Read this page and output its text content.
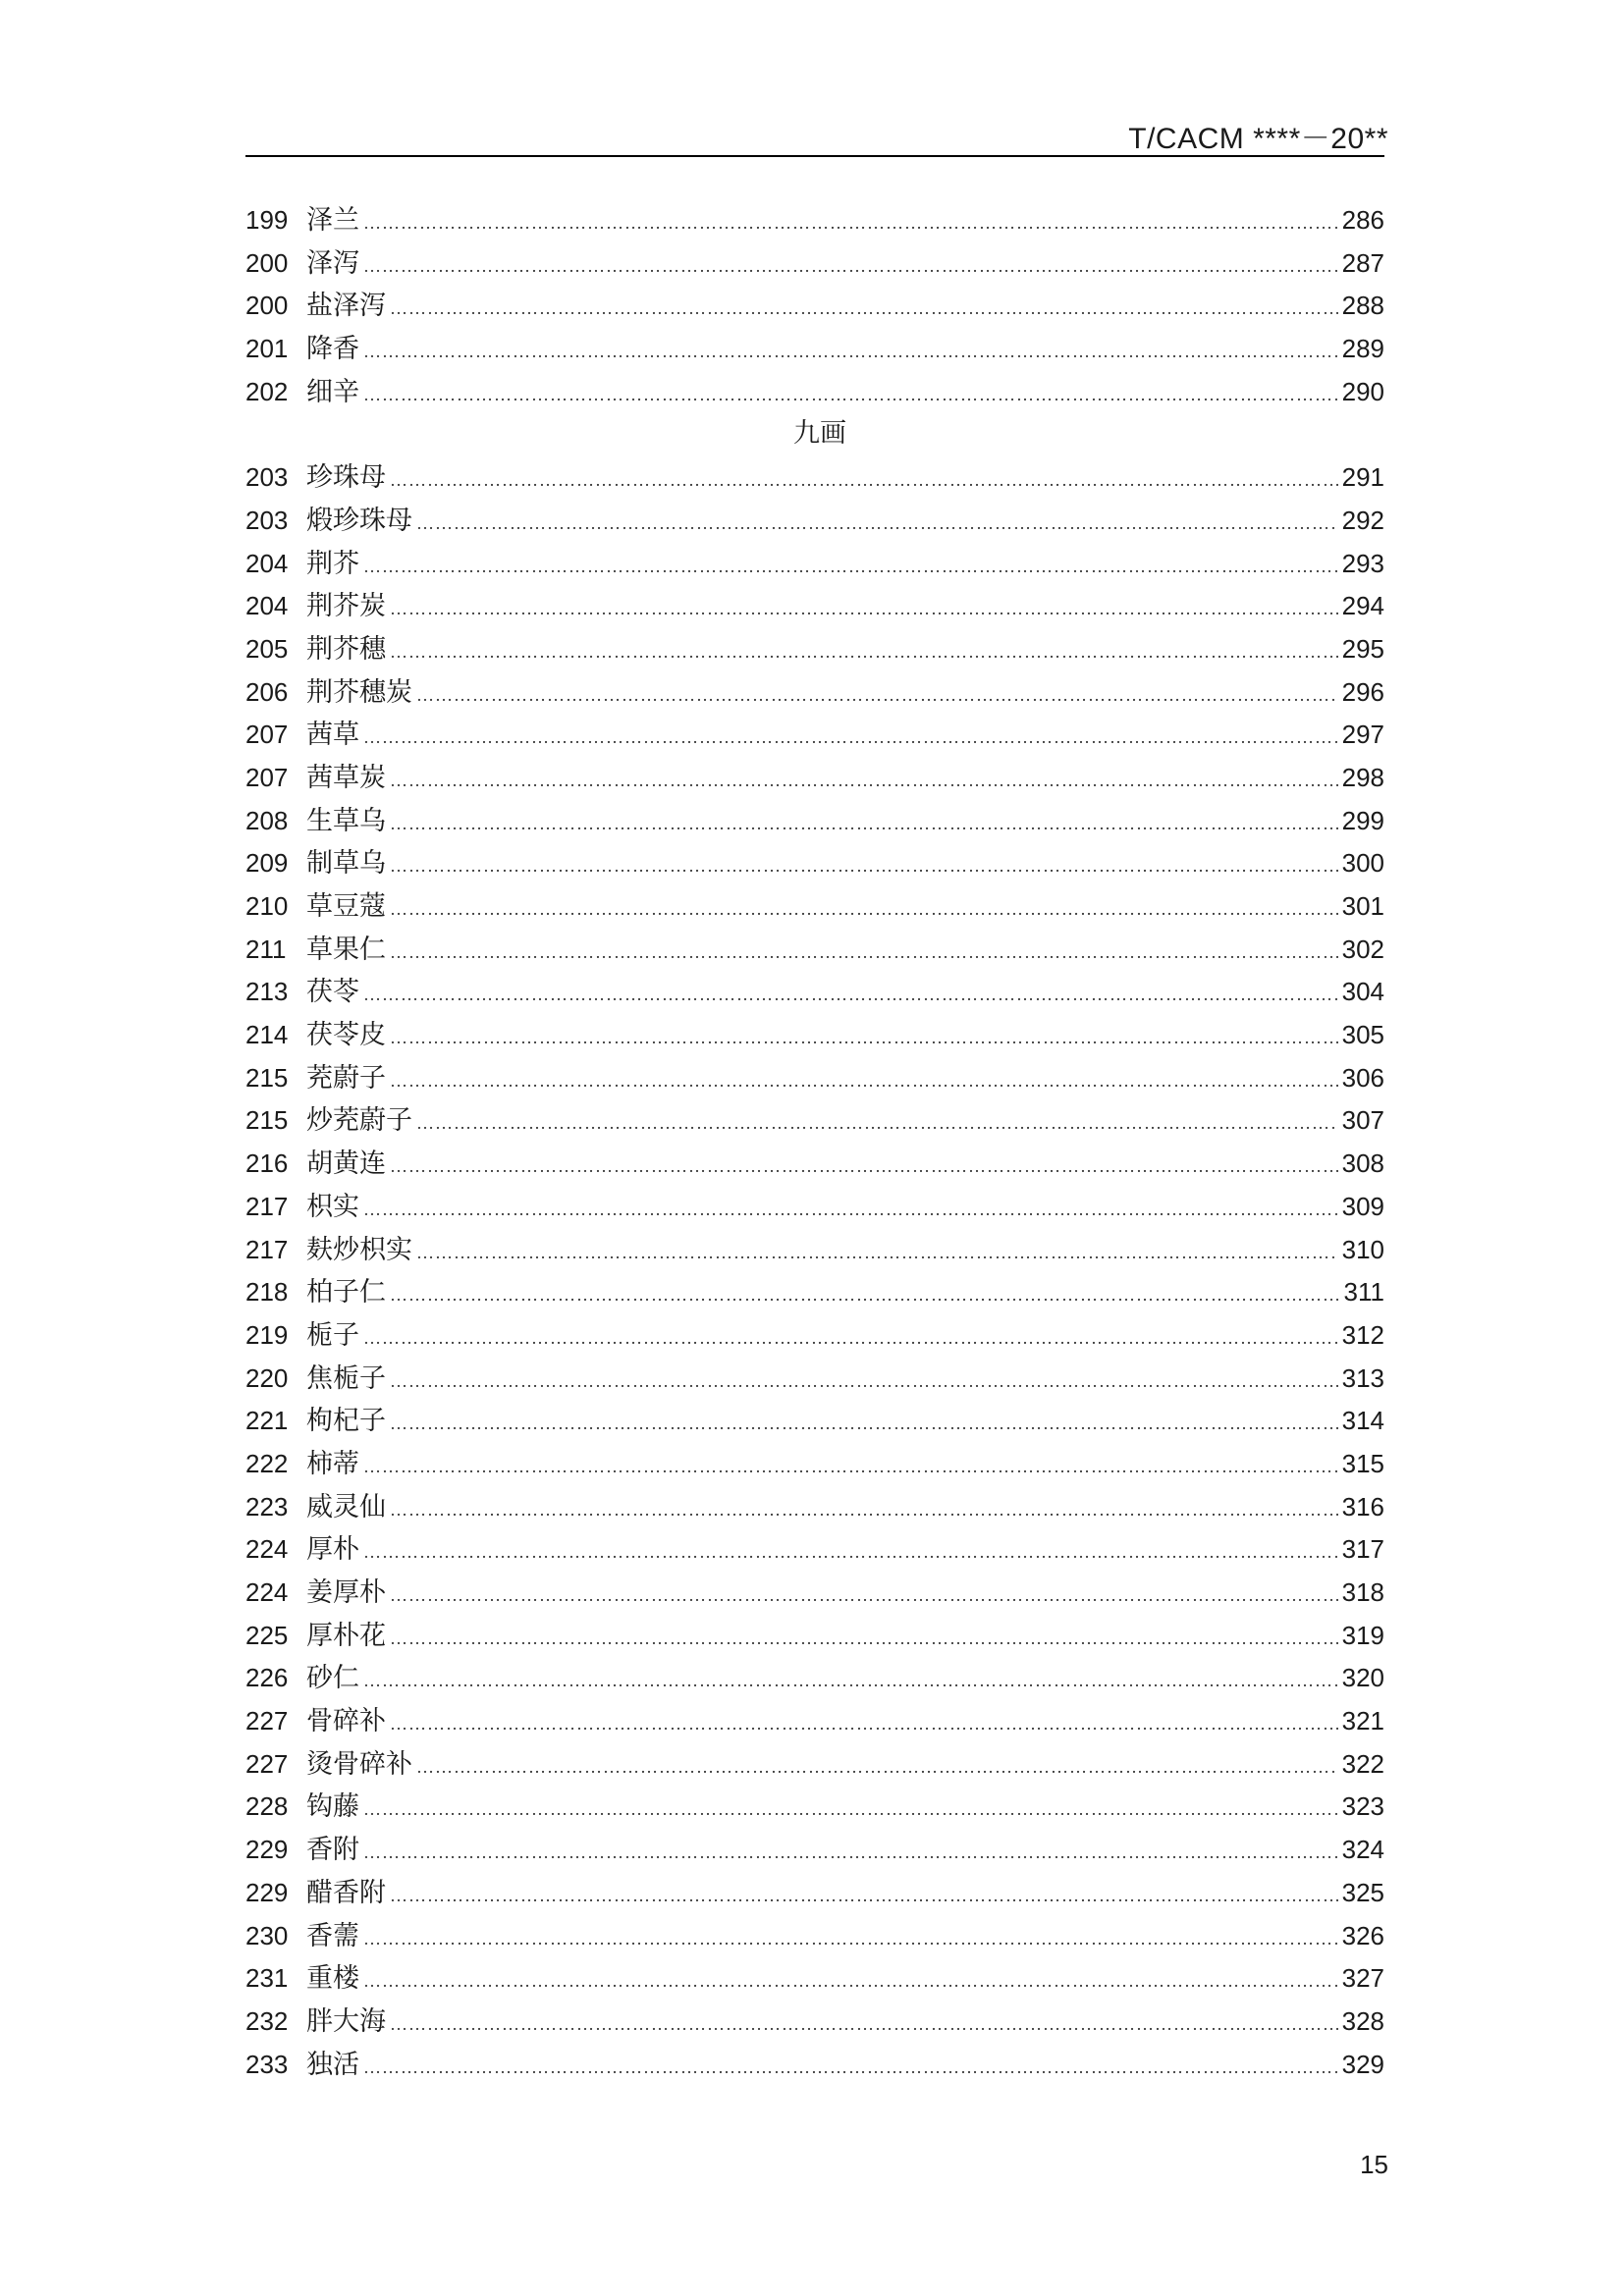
T/CACM ****－20**
199 泽兰 ……………………………………………………………………………………………………………………………………………………………………………………………………………………………………………………………………………	286
200 泽泻 ……………………………………………………………………………………………………………………………………………………………………………………………………………………………………………………………………………	287
200 盐泽泻 ……………………………………………………………………………………………………………………………………………………………………………………………………………………………………………………………………………	288
201 降香 ……………………………………………………………………………………………………………………………………………………………………………………………………………………………………………………………………………	289
202 细辛 ……………………………………………………………………………………………………………………………………………………………………………………………………………………………………………………………………………	290
九画
203 珍珠母 ……………………………………………………………………………………………………………………………………………………………………………………………………………………………………………………………………………	291
203 煅珍珠母 ……………………………………………………………………………………………………………………………………………………………………………………………………………………………………………………………………………	292
204 荆芥 ……………………………………………………………………………………………………………………………………………………………………………………………………………………………………………………………………………	293
204 荆芥炭 ……………………………………………………………………………………………………………………………………………………………………………………………………………………………………………………………………………	294
205 荆芥穗 ……………………………………………………………………………………………………………………………………………………………………………………………………………………………………………………………………………	295
206 荆芥穗炭 ……………………………………………………………………………………………………………………………………………………………………………………………………………………………………………………………………………	296
207 茜草 ……………………………………………………………………………………………………………………………………………………………………………………………………………………………………………………………………………	297
207 茜草炭 ……………………………………………………………………………………………………………………………………………………………………………………………………………………………………………………………………………	298
208 生草乌 ……………………………………………………………………………………………………………………………………………………………………………………………………………………………………………………………………………	299
209 制草乌 ……………………………………………………………………………………………………………………………………………………………………………………………………………………………………………………………………………	300
210 草豆蔻 ……………………………………………………………………………………………………………………………………………………………………………………………………………………………………………………………………………	301
211 草果仁 ……………………………………………………………………………………………………………………………………………………………………………………………………………………………………………………………………………	302
213 茯苓 ……………………………………………………………………………………………………………………………………………………………………………………………………………………………………………………………………………	304
214 茯苓皮 ……………………………………………………………………………………………………………………………………………………………………………………………………………………………………………………………………………	305
215 茺蔚子 ……………………………………………………………………………………………………………………………………………………………………………………………………………………………………………………………………………	306
215 炒茺蔚子 ……………………………………………………………………………………………………………………………………………………………………………………………………………………………………………………………………………	307
216 胡黄连 ……………………………………………………………………………………………………………………………………………………………………………………………………………………………………………………………………………	308
217 枳实 ……………………………………………………………………………………………………………………………………………………………………………………………………………………………………………………………………………	309
217 麸炒枳实 ……………………………………………………………………………………………………………………………………………………………………………………………………………………………………………………………………………	310
218 柏子仁 ……………………………………………………………………………………………………………………………………………………………………………………………………………………………………………………………………………	311
219 栀子 ……………………………………………………………………………………………………………………………………………………………………………………………………………………………………………………………………………	312
220 焦栀子 ……………………………………………………………………………………………………………………………………………………………………………………………………………………………………………………………………………	313
221 枸杞子 ……………………………………………………………………………………………………………………………………………………………………………………………………………………………………………………………………………	314
222 柿蒂 ……………………………………………………………………………………………………………………………………………………………………………………………………………………………………………………………………………	315
223 威灵仙 ……………………………………………………………………………………………………………………………………………………………………………………………………………………………………………………………………………	316
224 厚朴 ……………………………………………………………………………………………………………………………………………………………………………………………………………………………………………………………………………	317
224 姜厚朴 ……………………………………………………………………………………………………………………………………………………………………………………………………………………………………………………………………………	318
225 厚朴花 ……………………………………………………………………………………………………………………………………………………………………………………………………………………………………………………………………………	319
226 砂仁 ……………………………………………………………………………………………………………………………………………………………………………………………………………………………………………………………………………	320
227 骨碎补 ……………………………………………………………………………………………………………………………………………………………………………………………………………………………………………………………………………	321
227 烫骨碎补 ……………………………………………………………………………………………………………………………………………………………………………………………………………………………………………………………………………	322
228 钩藤 ……………………………………………………………………………………………………………………………………………………………………………………………………………………………………………………………………………	323
229 香附 ……………………………………………………………………………………………………………………………………………………………………………………………………………………………………………………………………………	324
229 醋香附 ……………………………………………………………………………………………………………………………………………………………………………………………………………………………………………………………………………	325
230 香薷 ……………………………………………………………………………………………………………………………………………………………………………………………………………………………………………………………………………	326
231 重楼 ……………………………………………………………………………………………………………………………………………………………………………………………………………………………………………………………………………	327
232 胖大海 ……………………………………………………………………………………………………………………………………………………………………………………………………………………………………………………………………………	328
233 独活 ……………………………………………………………………………………………………………………………………………………………………………………………………………………………………………………………………………	329
15
